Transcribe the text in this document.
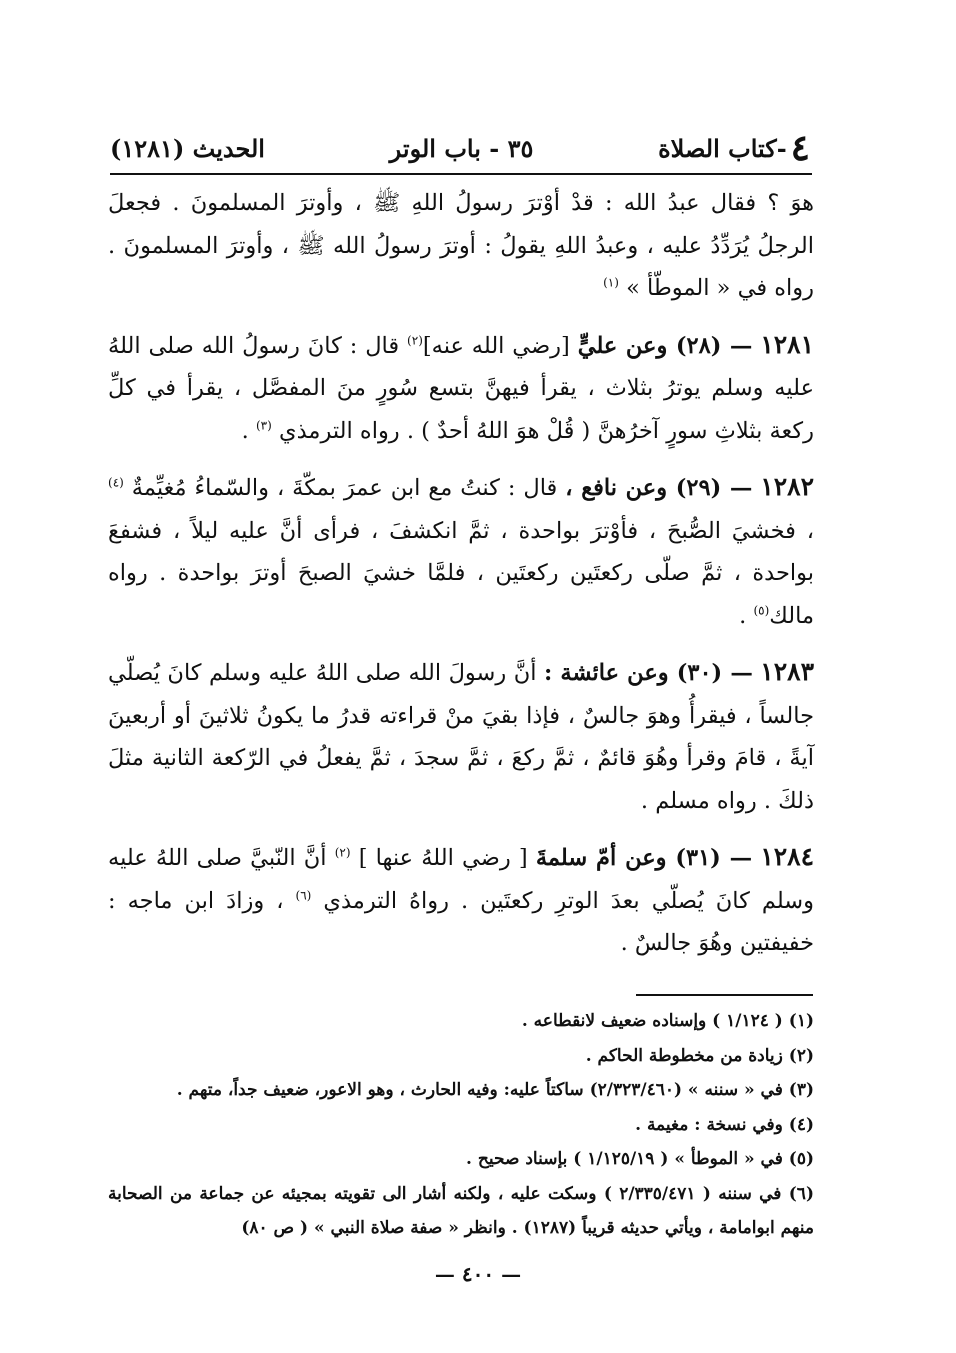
٤
-كتاب الصلاة
٣٥ - باب الوتر
الحديث (١٢٨١)

هوَ ؟ فقال عبدُ الله : قدْ أوْترَ رسولُ اللهِ ﷺ ، وأوترَ المسلمونَ . فجعلَ الرجلُ يُرَدِّدُ عليه ، وعبدُ اللهِ يقولُ : أوترَ رسولُ الله ﷺ ، وأوترَ المسلمونَ . رواه في « الموطّأ » $^{(١)}$

١٢٨١ — (٢٨) وعن عليٍّ [رضي الله عنه]$^{(٢)}$ قال : كانَ رسولُ الله صلى اللهُ عليه وسلم يوترُ بثلاث ، يقرأ فيهنَّ بتسع سُورٍ منَ المفصَّل ، يقرأ في كلِّ ركعة بثلاثِ سورٍ آخرُهنَّ ( قُلْ هوَ اللهُ أحدٌ ) . رواه الترمذي $^{(٣)}$ .

١٢٨٢ — (٢٩) وعن نافع ، قال : كنتُ مع ابن عمرَ بمكّةَ ، والسّماءُ مُغيِّمةٌ $^{(٤)}$ ، فخشيَ الصُّبحَ ، فأوْترَ بواحدة ، ثمَّ انكشفَ ، فرأى أنَّ عليه ليلاً ، فشفعَ بواحدة ، ثمَّ صلّى ركعتَين ركعتَين ، فلمَّا خشيَ الصبحَ أوترَ بواحدة . رواه مالك$^{(٥)}$ .

١٢٨٣ — (٣٠) وعن عائشة : أنَّ رسولَ الله صلى اللهُ عليه وسلم كانَ يُصلّي جالساً ، فيقرأُ وهوَ جالسٌ ، فإذا بقيَ منْ قراءته قدرُ ما يكونُ ثلاثينَ أو أربعينَ آيةً ، قامَ وقرأ وهُوَ قائمٌ ، ثمَّ ركعَ ، ثمَّ سجدَ ، ثمَّ يفعلُ في الرّكعة الثانية مثلَ ذلكَ . رواه مسلم .

١٢٨٤ — (٣١) وعن أمّ سلمةَ [ رضي اللهُ عنها ] $^{(٢)}$ أنَّ النّبيَّ صلى اللهُ عليه وسلم كانَ يُصلّي بعدَ الوترِ ركعتَين . رواهُ الترمذي $^{(٦)}$ ، وزادَ ابن ماجه : خفيفتين وهُوَ جالسٌ .

(١) ( ١/١٢٤ ) وإسناده ضعيف لانقطاعه .

(٢) زيادة من مخطوطة الحاكم .

(٣) في « سننه » (٢/٣٢٣/٤٦٠) ساكتاً عليه: وفيه الحارث ، وهو الاعور، ضعيف جداً، متهم .

(٤) وفي نسخة : مغيمة .

(٥) في « الموطأ » ( ١/١٢٥/١٩ ) بإسناد صحيح .

(٦) في سننه ( ٢/٣٣٥/٤٧١ ) وسكت عليه ، ولكنه أشار الى تقويته بمجيئه عن جماعة من الصحابة منهم ابوامامة ، ويأتي حديثه قريباً (١٢٨٧) . وانظر « صفة صلاة النبي » ( ص ٨٠)

— ٤٠٠ —
